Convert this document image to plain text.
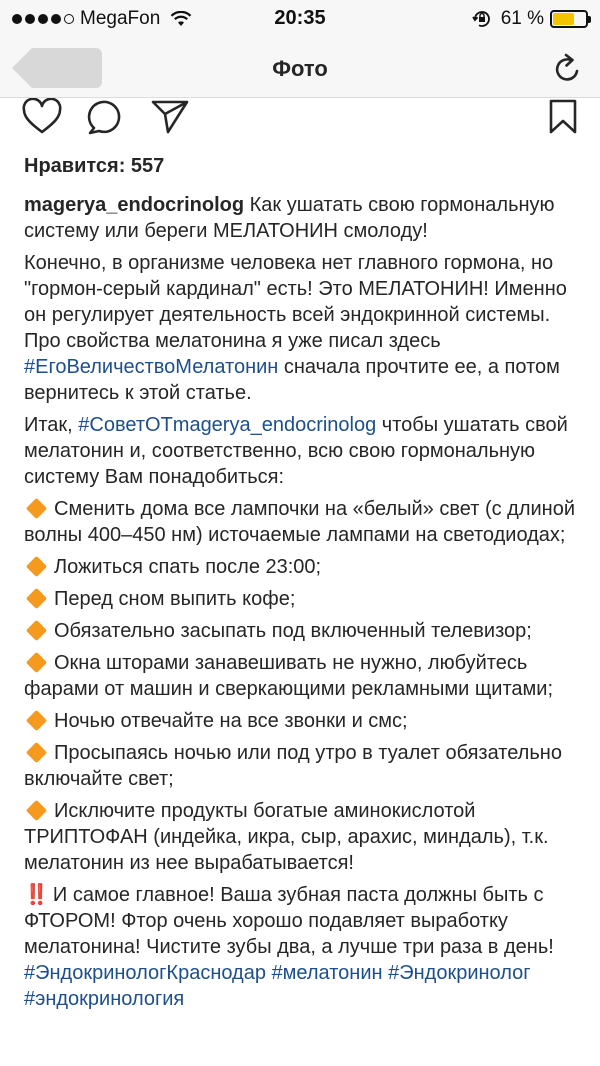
MegaFon	20:35	61 %
Фото
Нравится: 557

magerya_endocrinolog Как ушатать свою гормональную систему или береги МЕЛАТОНИН смолоду!

Конечно, в организме человека нет главного гормона, но "гормон-серый кардинал" есть! Это МЕЛАТОНИН! Именно он регулирует деятельность всей эндокринной системы. Про свойства мелатонина я уже писал здесь #ЕгоВеличествоМелатонин сначала прочтите ее, а потом вернитесь к этой статье.

Итак, #СоветОТmagerya_endocrinolog чтобы ушатать свой мелатонин и, соответственно, всю свою гормональную систему Вам понадобиться:

Сменить дома все лампочки на «белый» свет (с длиной волны 400–450 нм) источаемые лампами на светодиодах;

Ложиться спать после 23:00;

Перед сном выпить кофе;

Обязательно засыпать под включенный телевизор;

Окна шторами занавешивать не нужно, любуйтесь фарами от машин и сверкающими рекламными щитами;

Ночью отвечайте на все звонки и смс;

Просыпаясь ночью или под утро в туалет обязательно включайте свет;

Исключите продукты богатые аминокислотой ТРИПТОФАН (индейка, икра, сыр, арахис, миндаль), т.к. мелатонин из нее вырабатывается!

‼️ И самое главное! Ваша зубная паста должны быть с ФТОРОМ! Фтор очень хорошо подавляет выработку мелатонина! Чистите зубы два, а лучше три раза в день! #ЭндокринологКраснодар #мелатонин #Эндокринолог #эндокринология
